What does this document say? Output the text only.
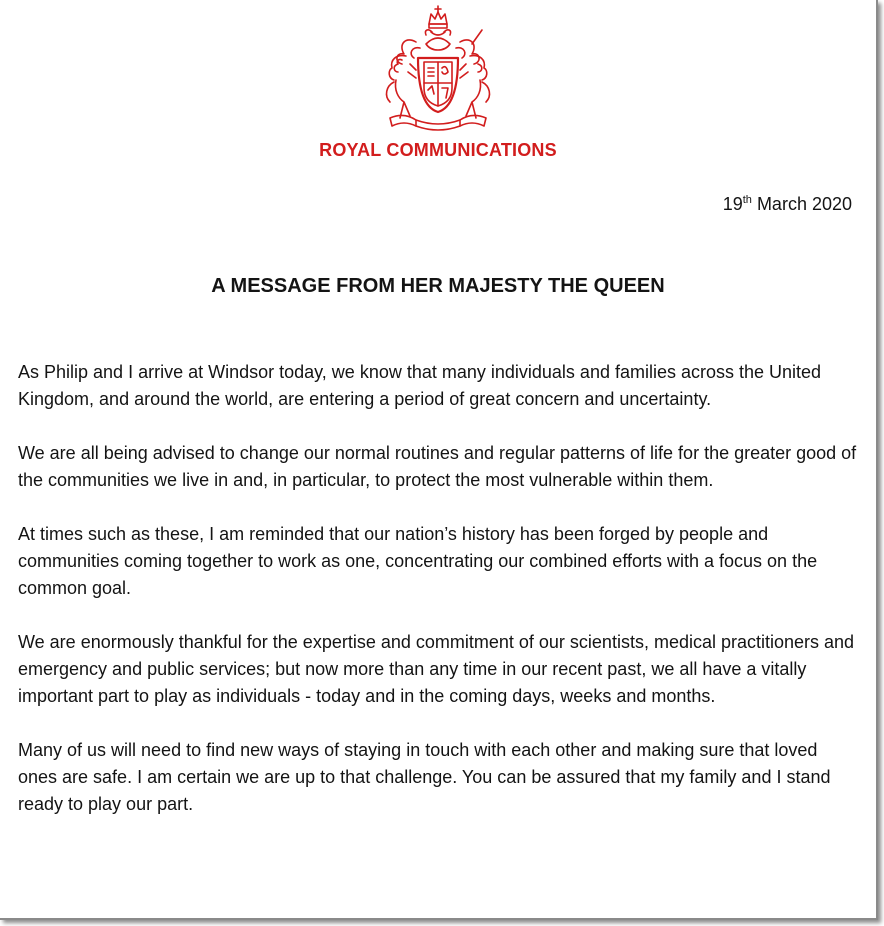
ROYAL COMMUNICATIONS
19th March 2020
A MESSAGE FROM HER MAJESTY THE QUEEN

As Philip and I arrive at Windsor today, we know that many individuals and families across the United Kingdom, and around the world, are entering a period of great concern and uncertainty.

We are all being advised to change our normal routines and regular patterns of life for the greater good of the communities we live in and, in particular, to protect the most vulnerable within them.

At times such as these, I am reminded that our nation’s history has been forged by people and communities coming together to work as one, concentrating our combined efforts with a focus on the common goal.

We are enormously thankful for the expertise and commitment of our scientists, medical practitioners and emergency and public services; but now more than any time in our recent past, we all have a vitally important part to play as individuals - today and in the coming days, weeks and months.

Many of us will need to find new ways of staying in touch with each other and making sure that loved ones are safe. I am certain we are up to that challenge. You can be assured that my family and I stand ready to play our part.
